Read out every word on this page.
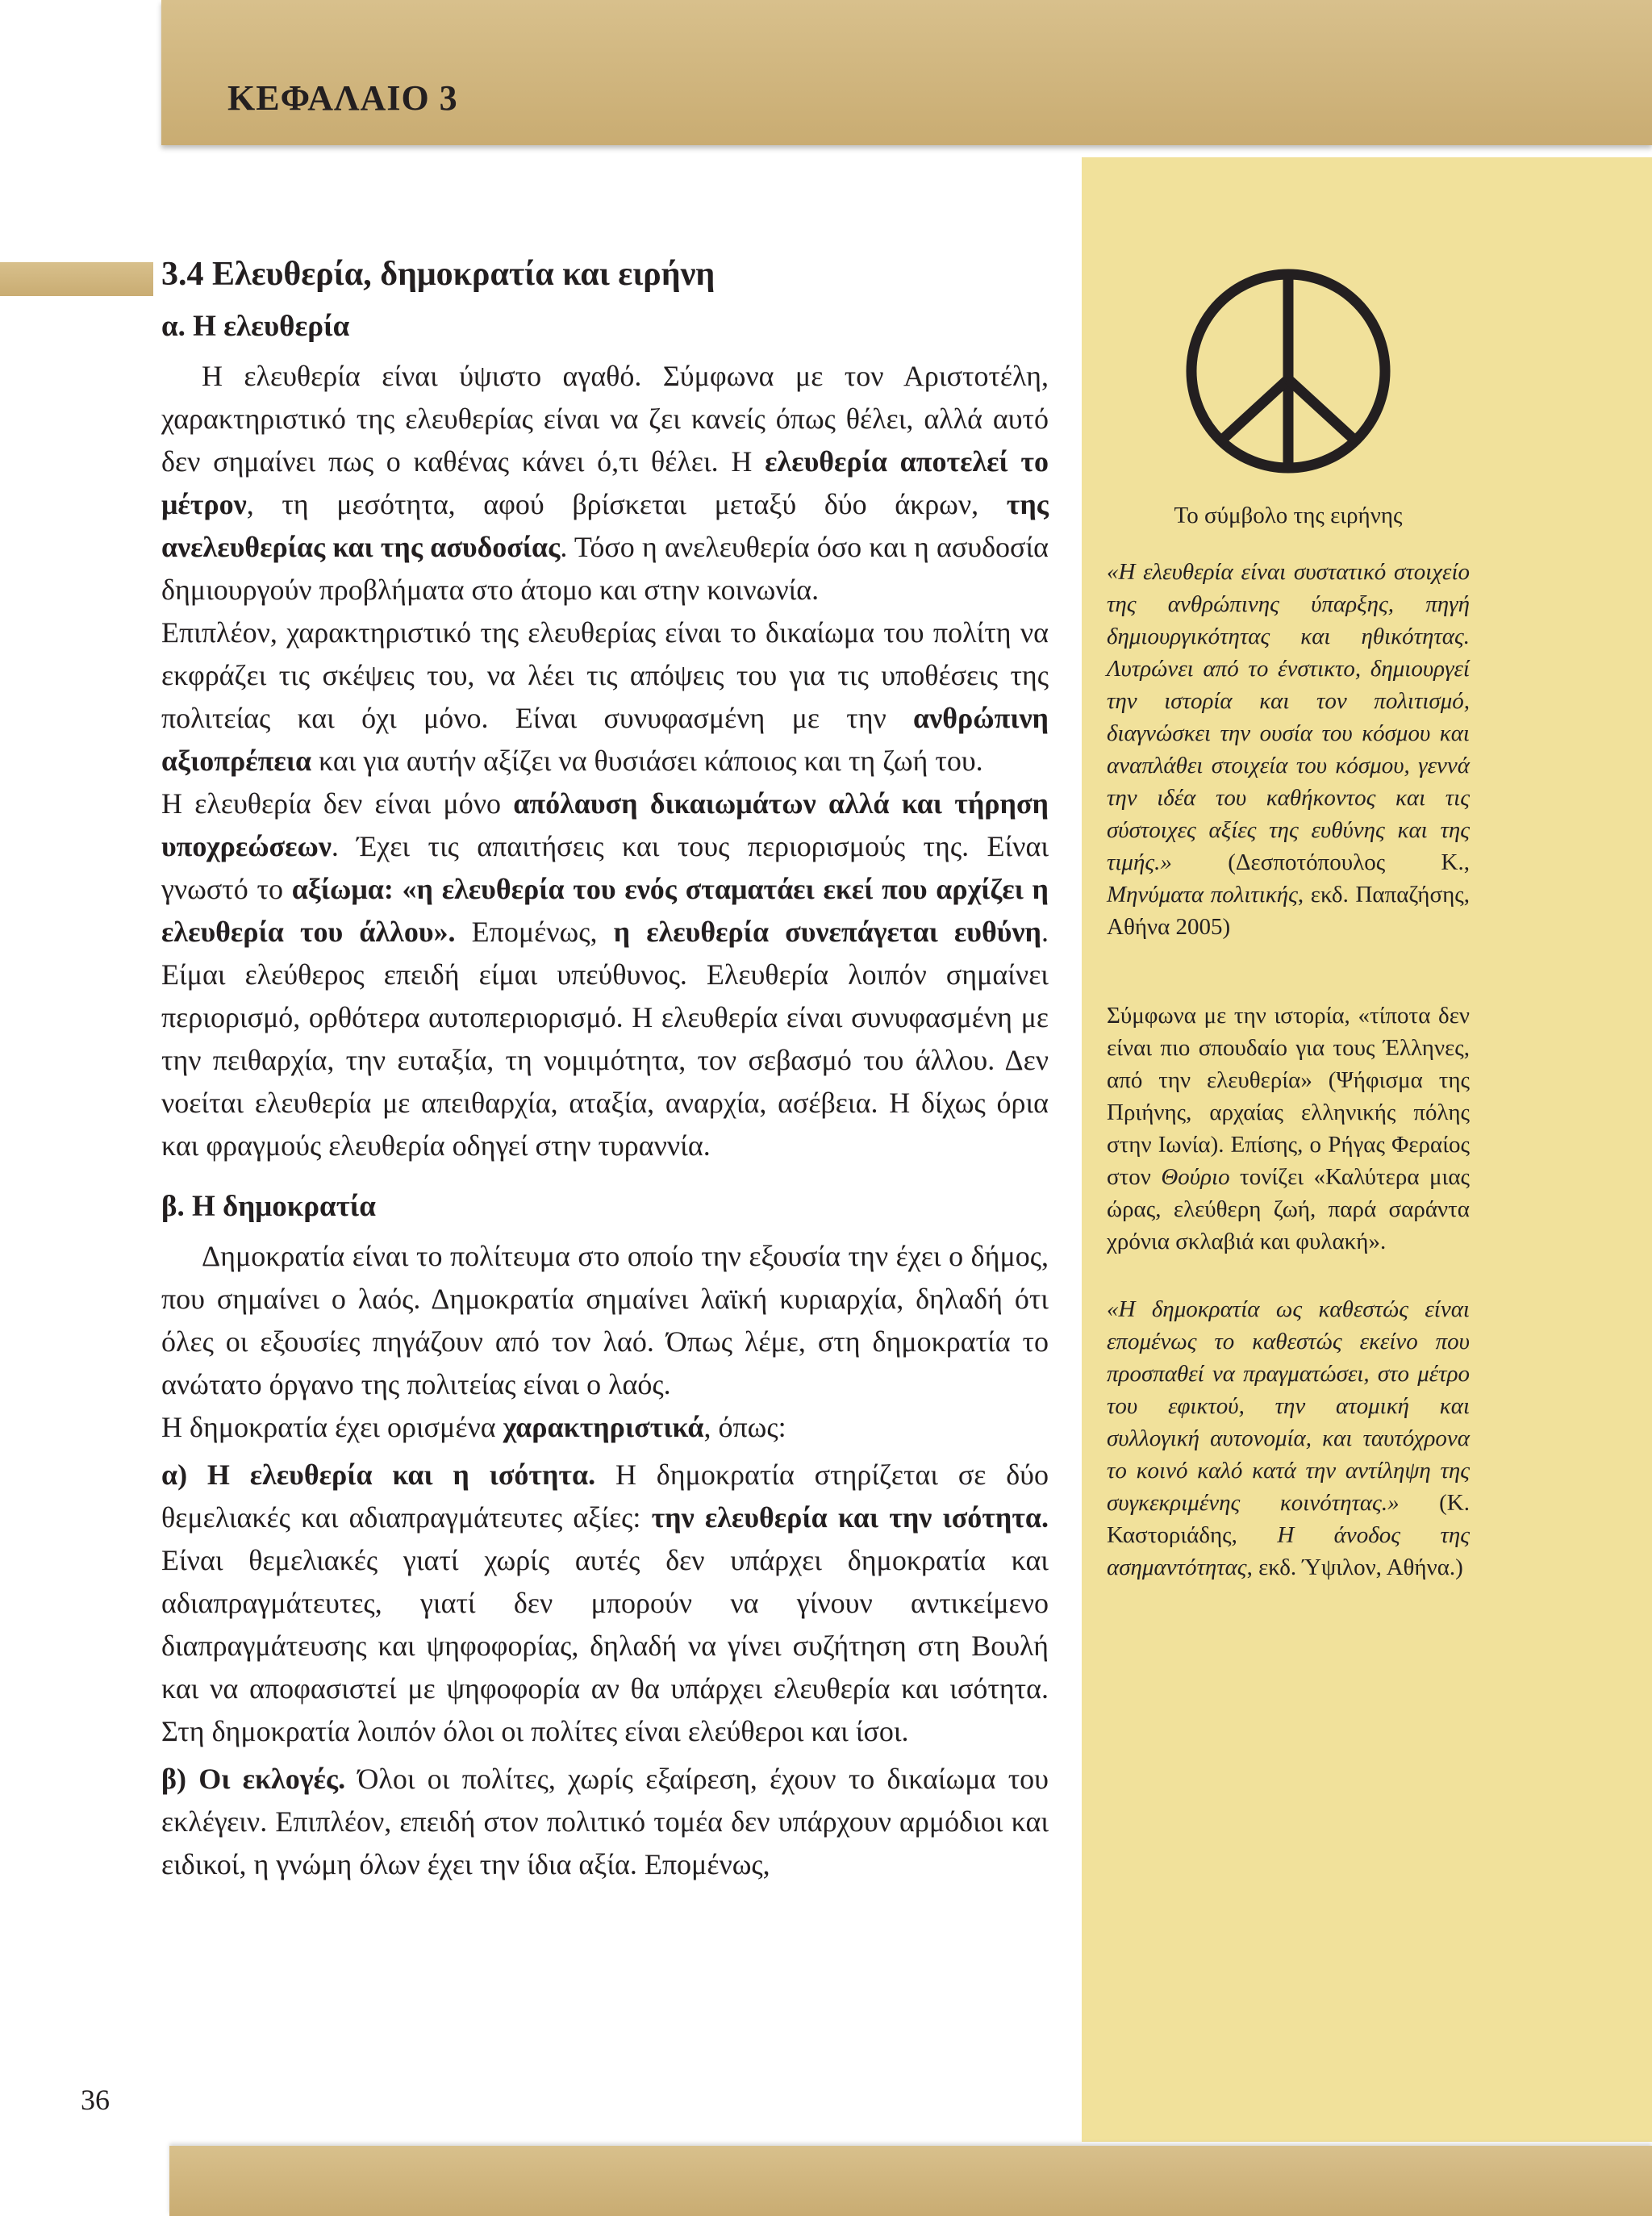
ΚΕΦΑΛΑΙΟ 3
3.4 Ελευθερία, δημοκρατία και ειρήνη
α. Η ελευθερία

Η ελευθερία είναι ύψιστο αγαθό. Σύμφωνα με τον Αριστοτέλη, χαρακτηριστικό της ελευθερίας είναι να ζει κανείς όπως θέλει, αλλά αυτό δεν σημαίνει πως ο καθένας κάνει ό,τι θέλει. Η ελευθερία αποτελεί το μέτρον, τη μεσότητα, αφού βρίσκεται μεταξύ δύο άκρων, της ανελευθερίας και της ασυδοσίας. Τόσο η ανελευθερία όσο και η ασυδοσία δημιουργούν προβλήματα στο άτομο και στην κοινωνία.

Επιπλέον, χαρακτηριστικό της ελευθερίας είναι το δικαίωμα του πολίτη να εκφράζει τις σκέψεις του, να λέει τις απόψεις του για τις υποθέσεις της πολιτείας και όχι μόνο. Είναι συνυφασμένη με την ανθρώπινη αξιοπρέπεια και για αυτήν αξίζει να θυσιάσει κάποιος και τη ζωή του.

Η ελευθερία δεν είναι μόνο απόλαυση δικαιωμάτων αλλά και τήρηση υποχρεώσεων. Έχει τις απαιτήσεις και τους περιορισμούς της. Είναι γνωστό το αξίωμα: «η ελευθερία του ενός σταματάει εκεί που αρχίζει η ελευθερία του άλλου». Επομένως, η ελευθερία συνεπάγεται ευθύνη. Είμαι ελεύθερος επειδή είμαι υπεύθυνος. Ελευθερία λοιπόν σημαίνει περιορισμό, ορθότερα αυτοπεριορισμό. Η ελευθερία είναι συνυφασμένη με την πειθαρχία, την ευταξία, τη νομιμότητα, τον σεβασμό του άλλου. Δεν νοείται ελευθερία με απειθαρχία, αταξία, αναρχία, ασέβεια. Η δίχως όρια και φραγμούς ελευθερία οδηγεί στην τυραννία.

β. Η δημοκρατία

Δημοκρατία είναι το πολίτευμα στο οποίο την εξουσία την έχει ο δήμος, που σημαίνει ο λαός. Δημοκρατία σημαίνει λαϊκή κυριαρχία, δηλαδή ότι όλες οι εξουσίες πηγάζουν από τον λαό. Όπως λέμε, στη δημοκρατία το ανώτατο όργανο της πολιτείας είναι ο λαός.

Η δημοκρατία έχει ορισμένα χαρακτηριστικά, όπως:

α) Η ελευθερία και η ισότητα. Η δημοκρατία στηρίζεται σε δύο θεμελιακές και αδιαπραγμάτευτες αξίες: την ελευθερία και την ισότητα. Είναι θεμελιακές γιατί χωρίς αυτές δεν υπάρχει δημοκρατία και αδιαπραγμάτευτες, γιατί δεν μπορούν να γίνουν αντικείμενο διαπραγμάτευσης και ψηφοφορίας, δηλαδή να γίνει συζήτηση στη Βουλή και να αποφασιστεί με ψηφοφορία αν θα υπάρχει ελευθερία και ισότητα. Στη δημοκρατία λοιπόν όλοι οι πολίτες είναι ελεύθεροι και ίσοι.

β) Οι εκλογές. Όλοι οι πολίτες, χωρίς εξαίρεση, έχουν το δικαίωμα του εκλέγειν. Επιπλέον, επειδή στον πολιτικό τομέα δεν υπάρχουν αρμόδιοι και ειδικοί, η γνώμη όλων έχει την ίδια αξία. Επομένως,

36
Το σύμβολο της ειρήνης

«Η ελευθερία είναι συστατικό στοιχείο της ανθρώπινης ύπαρξης, πηγή δημιουργικότητας και ηθικότητας. Λυτρώνει από το ένστικτο, δημιουργεί την ιστορία και τον πολιτισμό, διαγνώσκει την ουσία του κόσμου και αναπλάθει στοιχεία του κόσμου, γεννά την ιδέα του καθήκοντος και τις σύστοιχες αξίες της ευθύνης και της τιμής.» (Δεσποτόπουλος Κ., Μηνύματα πολιτικής, εκδ. Παπαζήσης, Αθήνα 2005)

Σύμφωνα με την ιστορία, «τίποτα δεν είναι πιο σπουδαίο για τους Έλληνες, από την ελευθερία» (Ψήφισμα της Πριήνης, αρχαίας ελληνικής πόλης στην Ιωνία). Επίσης, ο Ρήγας Φεραίος στον Θούριο τονίζει «Καλύτερα μιας ώρας, ελεύθερη ζωή, παρά σαράντα χρόνια σκλαβιά και φυλακή».

«Η δημοκρατία ως καθεστώς είναι επομένως το καθεστώς εκείνο που προσπαθεί να πραγματώσει, στο μέτρο του εφικτού, την ατομική και συλλογική αυτονομία, και ταυτόχρονα το κοινό καλό κατά την αντίληψη της συγκεκριμένης κοινότητας.» (Κ. Καστοριάδης, Η άνοδος της ασημαντότητας, εκδ. Ύψιλον, Αθήνα.)
